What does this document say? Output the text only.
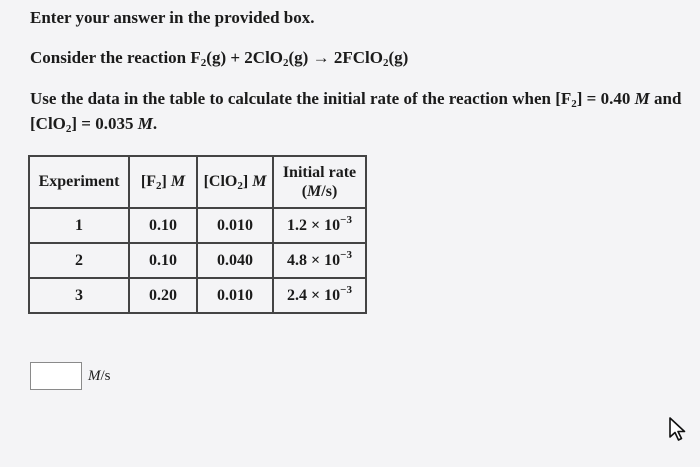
Enter your answer in the provided box.
Consider the reaction $F_2(g) + 2ClO_2(g)$ → 2FClO$_2$(g)
Use the data in the table to calculate the initial rate of the reaction when $[F_2] = 0.40$ M and
[ClO$_2$] = 0.035 M.
Experiment	$[F_2]$ M	[ClO$_2$] M	Initial rate
(M/s)
1	0.10	0.010	$1.2 \times 10^{-3}$
2	0.10	0.040	$4.8 \times 10^{-3}$
3	0.20	0.010	$2.4 \times 10^{-3}$
M/s
